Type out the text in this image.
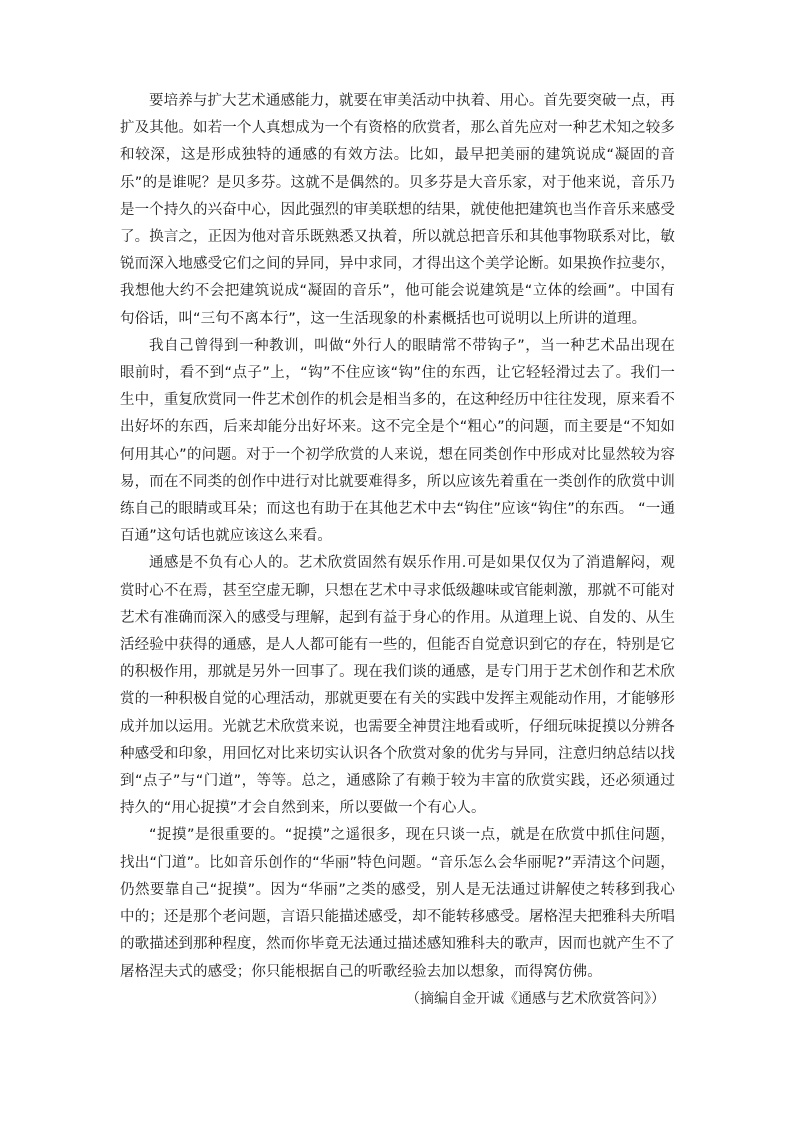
要培养与扩大艺术通感能力，就要在审美活动中执着、用心。首先要突破一点，再扩及其他。如若一个人真想成为一个有资格的欣赏者，那么首先应对一种艺术知之较多和较深，这是形成独特的通感的有效方法。比如，最早把美丽的建筑说成“凝固的音乐”的是谁呢？是贝多芬。这就不是偶然的。贝多芬是大音乐家，对于他来说，音乐乃是一个持久的兴奋中心，因此强烈的审美联想的结果，就使他把建筑也当作音乐来感受了。换言之，正因为他对音乐既熟悉又执着，所以就总把音乐和其他事物联系对比，敏锐而深入地感受它们之间的异同，异中求同，才得出这个美学论断。如果换作拉斐尔，我想他大约不会把建筑说成“凝固的音乐”，他可能会说建筑是“立体的绘画”。中国有句俗话，叫“三句不离本行”，这一生活现象的朴素概括也可说明以上所讲的道理。

我自己曾得到一种教训，叫做“外行人的眼睛常不带钩子”，当一种艺术品出现在眼前时，看不到“点子”上，“钩”不住应该“钩”住的东西，让它轻轻滑过去了。我们一生中，重复欣赏同一件艺术创作的机会是相当多的，在这种经历中往往发现，原来看不出好坏的东西，后来却能分出好坏来。这不完全是个“粗心”的问题，而主要是“不知如何用其心”的问题。对于一个初学欣赏的人来说，想在同类创作中形成对比显然较为容易，而在不同类的创作中进行对比就要难得多，所以应该先着重在一类创作的欣赏中训练自己的眼睛或耳朵；而这也有助于在其他艺术中去“钩住”应该“钩住”的东西。 “一通百通”这句话也就应该这么来看。

通感是不负有心人的。艺术欣赏固然有娱乐作用.可是如果仅仅为了消遣解闷，观赏时心不在焉，甚至空虚无聊，只想在艺术中寻求低级趣味或官能刺激，那就不可能对艺术有准确而深入的感受与理解，起到有益于身心的作用。从道理上说、自发的、从生活经验中获得的通感，是人人都可能有一些的，但能否自觉意识到它的存在，特别是它的积极作用，那就是另外一回事了。现在我们谈的通感，是专门用于艺术创作和艺术欣赏的一种积极自觉的心理活动，那就更要在有关的实践中发挥主观能动作用，才能够形成并加以运用。光就艺术欣赏来说，也需要全神贯注地看或听，仔细玩味捉摸以分辨各种感受和印象，用回忆对比来切实认识各个欣赏对象的优劣与异同，注意归纳总结以找到“点子”与“门道”，等等。总之，通感除了有赖于较为丰富的欣赏实践，还必须通过持久的“用心捉摸”才会自然到来，所以要做一个有心人。

“捉摸”是很重要的。“捉摸”之遥很多，现在只谈一点，就是在欣赏中抓住问题，找出“门道”。比如音乐创作的“华丽”特色问题。“音乐怎么会华丽呢?”弄清这个问题，仍然要靠自己“捉摸”。因为“华丽”之类的感受，别人是无法通过讲解使之转移到我心中的；还是那个老问题，言语只能描述感受，却不能转移感受。屠格涅夫把雅科夫所唱的歌描述到那种程度，然而你毕竟无法通过描述感知雅科夫的歌声，因而也就产生不了屠格涅夫式的感受；你只能根据自己的听歌经验去加以想象，而得窝仿佛。

（摘编自金开诚《通感与艺术欣赏答问》）
